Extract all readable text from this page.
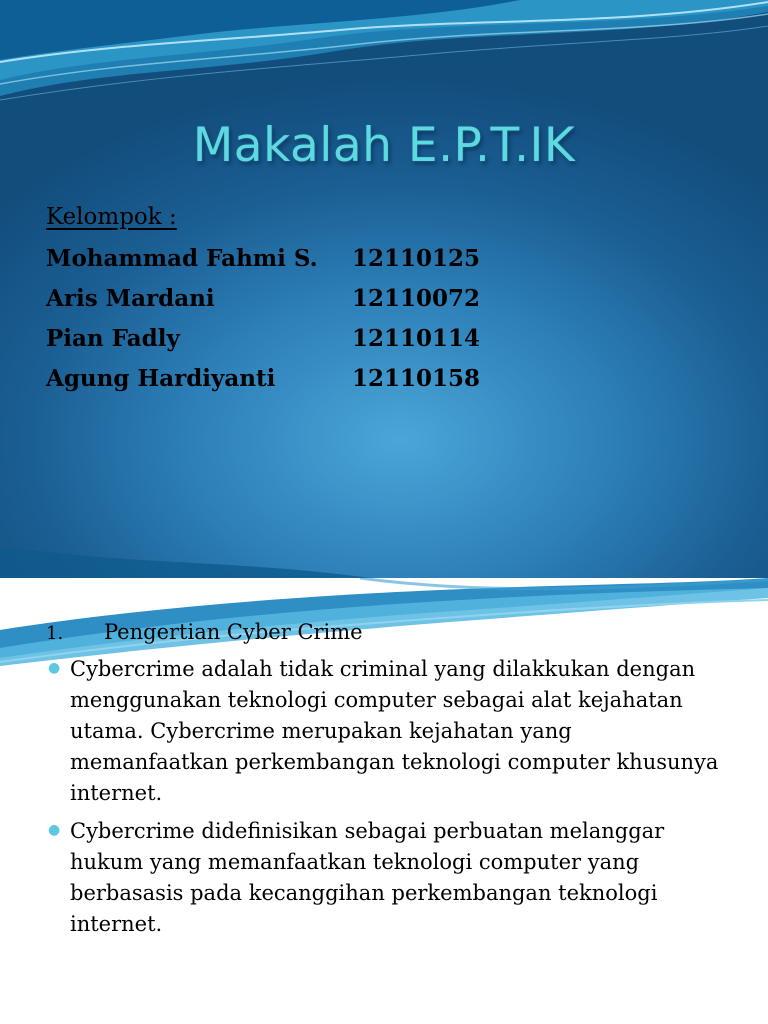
Makalah E.P.T.IK
Kelompok :
Mohammad Fahmi S. 12110125
Aris Mardani	12110072
Pian Fadly	12110114
Agung Hardiyanti	12110158
1. Pengertian Cyber Crime
● Cybercrime adalah tidak criminal yang dilakkukan dengan menggunakan teknologi computer sebagai alat kejahatan utama. Cybercrime merupakan kejahatan yang memanfaatkan perkembangan teknologi computer khusunya internet.
● Cybercrime didefinisikan sebagai perbuatan melanggar hukum yang memanfaatkan teknologi computer yang berbasasis pada kecanggihan perkembangan teknologi internet.
